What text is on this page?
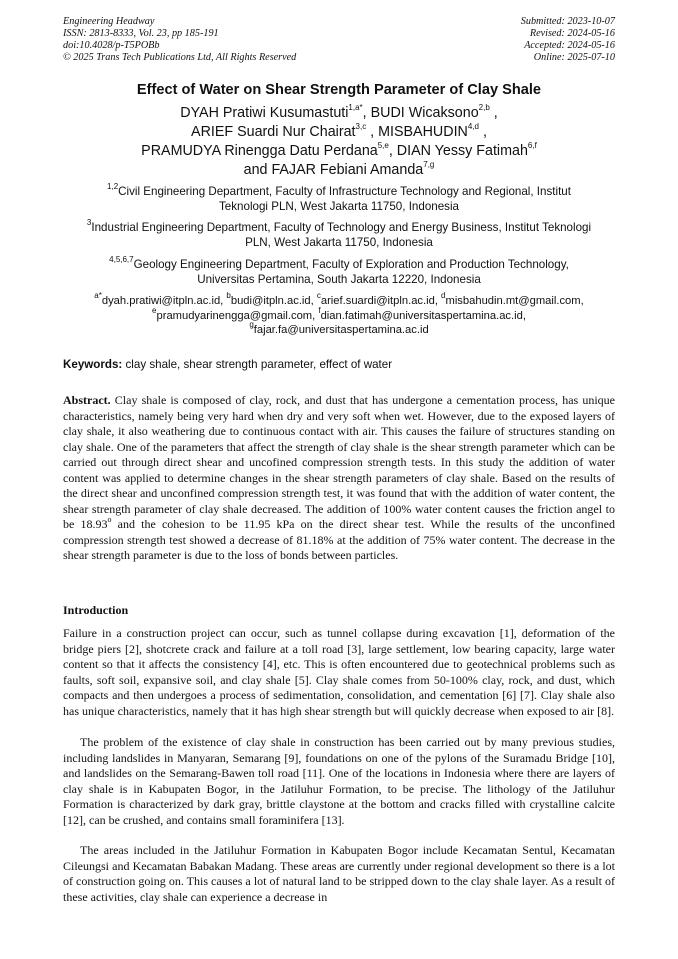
Engineering Headway
ISSN: 2813-8333, Vol. 23, pp 185-191
doi:10.4028/p-T5POBb
© 2025 Trans Tech Publications Ltd, All Rights Reserved
Submitted: 2023-10-07
Revised: 2024-05-16
Accepted: 2024-05-16
Online: 2025-07-10
Effect of Water on Shear Strength Parameter of Clay Shale
DYAH Pratiwi Kusumastuti$^{1,a*}$, BUDI Wicaksono$^{2,b}$ ,
ARIEF Suardi Nur Chairat$^{3,c}$ , MISBAHUDIN$^{4,d}$ ,
PRAMUDYA Rinengga Datu Perdana$^{5,e}$, DIAN Yessy Fatimah$^{6,f}$
and FAJAR Febiani Amanda$^{7,g}$
$^{1,2}$Civil Engineering Department, Faculty of Infrastructure Technology and Regional, Institut
Teknologi PLN, West Jakarta 11750, Indonesia
$^3$Industrial Engineering Department, Faculty of Technology and Energy Business, Institut Teknologi
PLN, West Jakarta 11750, Indonesia
$^{4,5,6,7}$Geology Engineering Department, Faculty of Exploration and Production Technology,
Universitas Pertamina, South Jakarta 12220, Indonesia
$^{a*}$dyah.pratiwi@itpln.ac.id, $^b$budi@itpln.ac.id, $^c$arief.suardi@itpln.ac.id, $^d$misbahudin.mt@gmail.com,
$^e$pramudyarinengga@gmail.com, $^f$dian.fatimah@universitaspertamina.ac.id,
$^g$fajar.fa@universitaspertamina.ac.id
Keywords: clay shale, shear strength parameter, effect of water

Abstract. Clay shale is composed of clay, rock, and dust that has undergone a cementation process, has unique characteristics, namely being very hard when dry and very soft when wet. However, due to the exposed layers of clay shale, it also weathering due to continuous contact with air. This causes the failure of structures standing on clay shale. One of the parameters that affect the strength of clay shale is the shear strength parameter which can be carried out through direct shear and uncofined compression strength tests. In this study the addition of water content was applied to determine changes in the shear strength parameters of clay shale. Based on the results of the direct shear and unconfined compression strength test, it was found that with the addition of water content, the shear strength parameter of clay shale decreased. The addition of 100% water content causes the friction angel to be 18.93$^o$ and the cohesion to be 11.95 kPa on the direct shear test. While the results of the unconfined compression strength test showed a decrease of 81.18% at the addition of 75% water content. The decrease in the shear strength parameter is due to the loss of bonds between particles.

Introduction

Failure in a construction project can occur, such as tunnel collapse during excavation [1], deformation of the bridge piers [2], shotcrete crack and failure at a toll road [3], large settlement, low bearing capacity, large water content so that it affects the consistency [4], etc. This is often encountered due to geotechnical problems such as faults, soft soil, expansive soil, and clay shale [5]. Clay shale comes from 50-100% clay, rock, and dust, which compacts and then undergoes a process of sedimentation, consolidation, and cementation [6] [7]. Clay shale also has unique characteristics, namely that it has high shear strength but will quickly decrease when exposed to air [8].

The problem of the existence of clay shale in construction has been carried out by many previous studies, including landslides in Manyaran, Semarang [9], foundations on one of the pylons of the Suramadu Bridge [10], and landslides on the Semarang-Bawen toll road [11]. One of the locations in Indonesia where there are layers of clay shale is in Kabupaten Bogor, in the Jatiluhur Formation, to be precise. The lithology of the Jatiluhur Formation is characterized by dark gray, brittle claystone at the bottom and cracks filled with crystalline calcite [12], can be crushed, and contains small foraminifera [13].

The areas included in the Jatiluhur Formation in Kabupaten Bogor include Kecamatan Sentul, Kecamatan Cileungsi and Kecamatan Babakan Madang. These areas are currently under regional development so there is a lot of construction going on. This causes a lot of natural land to be stripped down to the clay shale layer. As a result of these activities, clay shale can experience a decrease in
